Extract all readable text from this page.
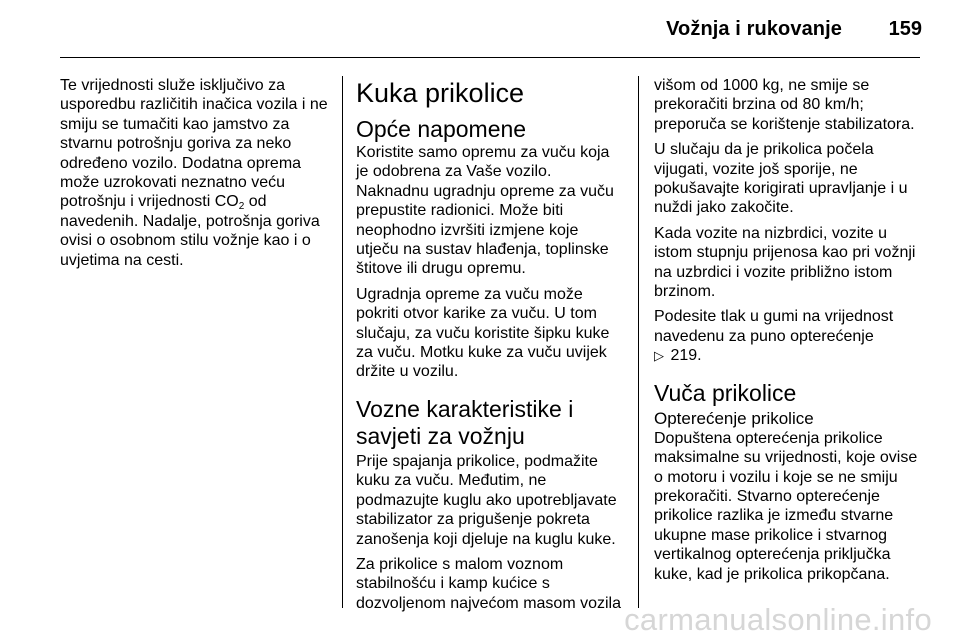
Vožnja i rukovanje 159

Te vrijednosti služe isključivo za usporedbu različitih inačica vozila i ne smiju se tumačiti kao jamstvo za stvarnu potrošnju goriva za neko određeno vozilo. Dodatna oprema može uzrokovati neznatno veću potrošnju i vrijednosti $CO_2$ od navedenih. Nadalje, potrošnja goriva ovisi o osobnom stilu vožnje kao i o uvjetima na cesti.

Kuka prikolice
Opće napomene

Koristite samo opremu za vuču koja je odobrena za Vaše vozilo. Naknadnu ugradnju opreme za vuču prepustite radionici. Može biti neophodno izvršiti izmjene koje utječu na sustav hlađenja, toplinske štitove ili drugu opremu.

Ugradnja opreme za vuču može pokriti otvor karike za vuču. U tom slučaju, za vuču koristite šipku kuke za vuču. Motku kuke za vuču uvijek držite u vozilu.

Vozne karakteristike i savjeti za vožnju

Prije spajanja prikolice, podmažite kuku za vuču. Međutim, ne podmazujte kuglu ako upotrebljavate stabilizator za prigušenje pokreta zanošenja koji djeluje na kuglu kuke.

Za prikolice s malom voznom stabilnošću i kamp kućice s dozvoljenom najvećom masom vozila

višom od 1000 kg, ne smije se prekoračiti brzina od 80 km/h; preporuča se korištenje stabilizatora.

U slučaju da je prikolica počela vijugati, vozite još sporije, ne pokušavajte korigirati upravljanje i u nuždi jako zakočite.

Kada vozite na nizbrdici, vozite u istom stupnju prijenosa kao pri vožnji na uzbrdici i vozite približno istom brzinom.

Podesite tlak u gumi na vrijednost navedenu za puno opterećenje
▷ 219.

Vuča prikolice
Opterećenje prikolice

Dopuštena opterećenja prikolice maksimalne su vrijednosti, koje ovise o motoru i vozilu i koje se ne smiju prekoračiti. Stvarno opterećenje prikolice razlika je između stvarne ukupne mase prikolice i stvarnog vertikalnog opterećenja priključka kuke, kad je prikolica prikopčana.

carmanualsonline.info
